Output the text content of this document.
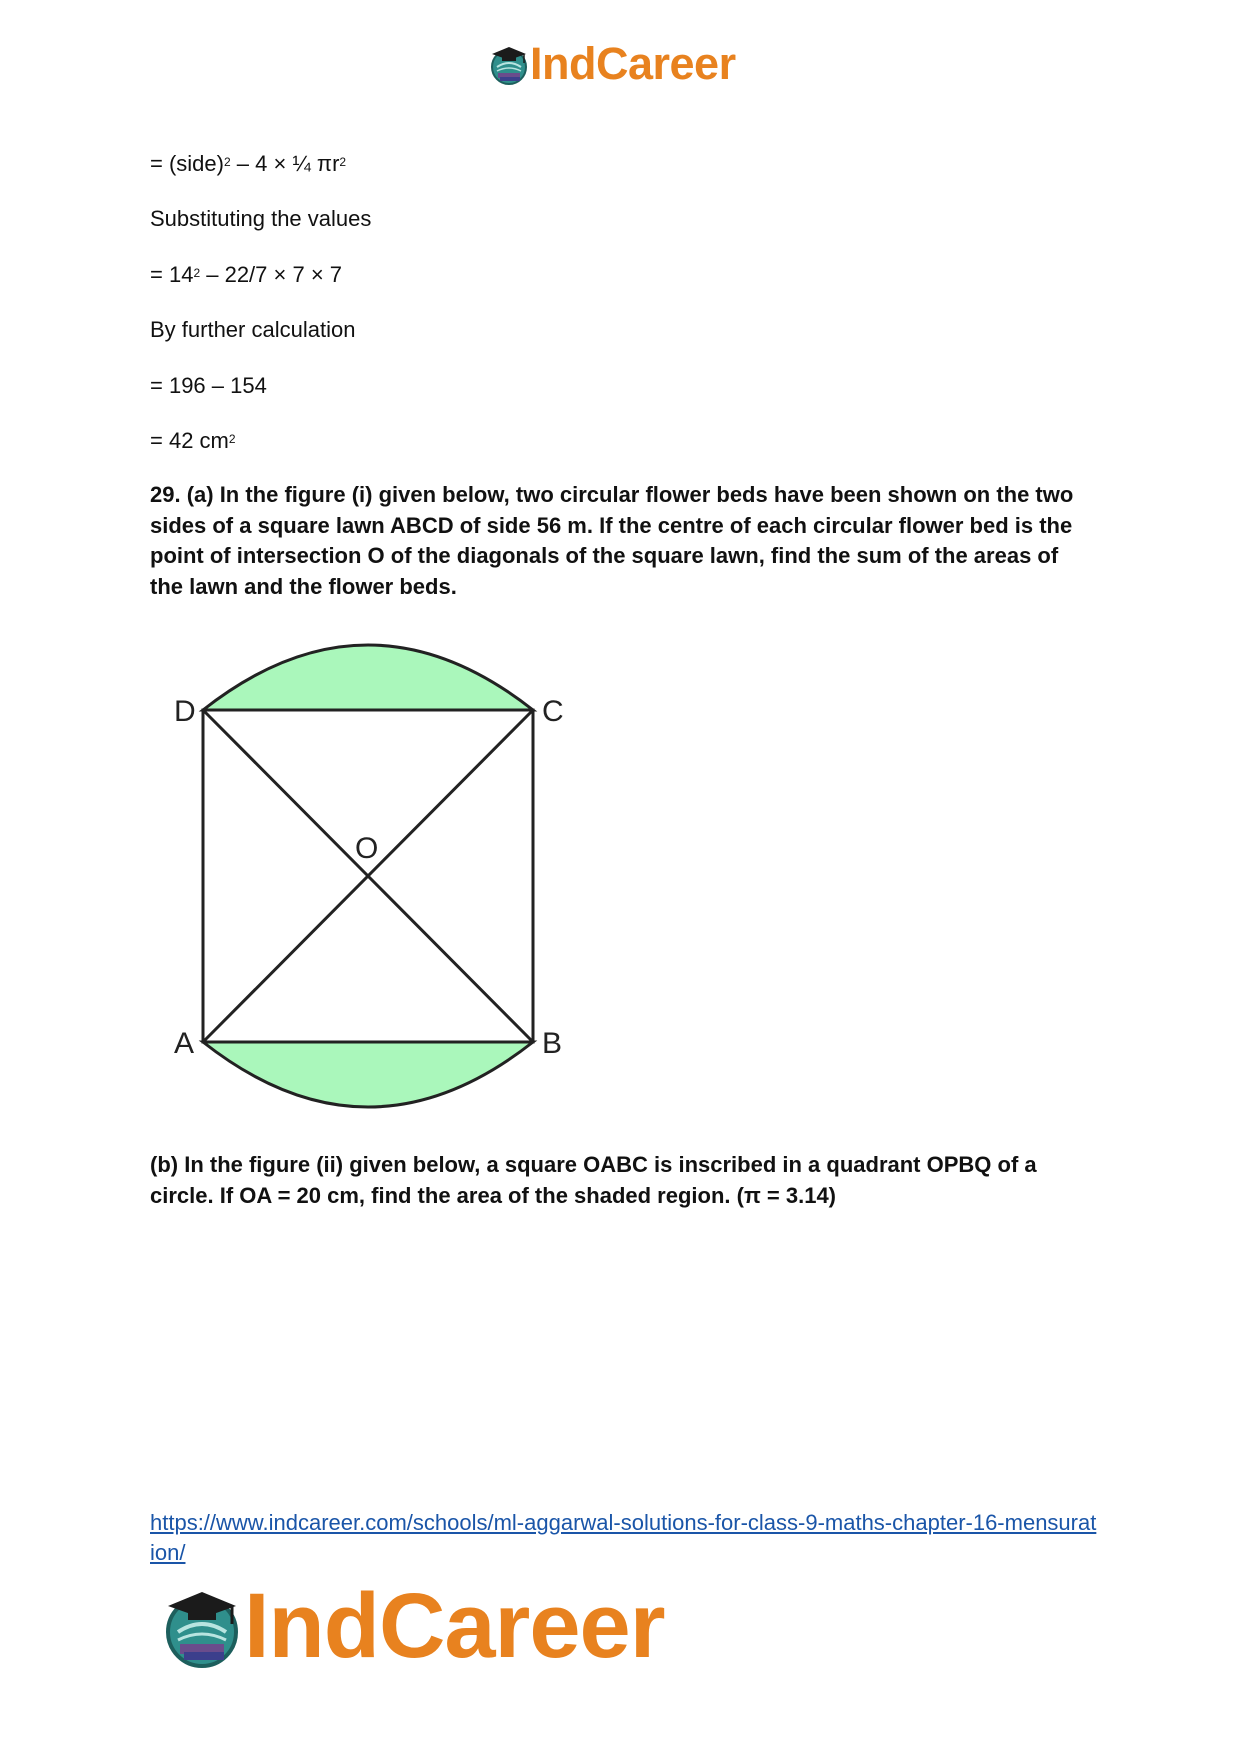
IndCareer
= (side)$^2$ – 4 × ¼ $\pi r^2$
Substituting the values
= $14^2 - 22/7 \times 7 \times 7$
By further calculation
= 196 – 154
= 42 $cm^2$
29. (a) In the figure (i) given below, two circular flower beds have been shown on the two sides of a square lawn ABCD of side 56 m. If the centre of each circular flower bed is the point of intersection O of the diagonals of the square lawn, find the sum of the areas of the lawn and the flower beds.
D	C
A	B
O
(b) In the figure (ii) given below, a square OABC is inscribed in a quadrant OPBQ of a circle. If OA = 20 cm, find the area of the shaded region. (π = 3.14)
https://www.indcareer.com/schools/ml-aggarwal-solutions-for-class-9-maths-chapter-16-mensuration/
IndCareer
